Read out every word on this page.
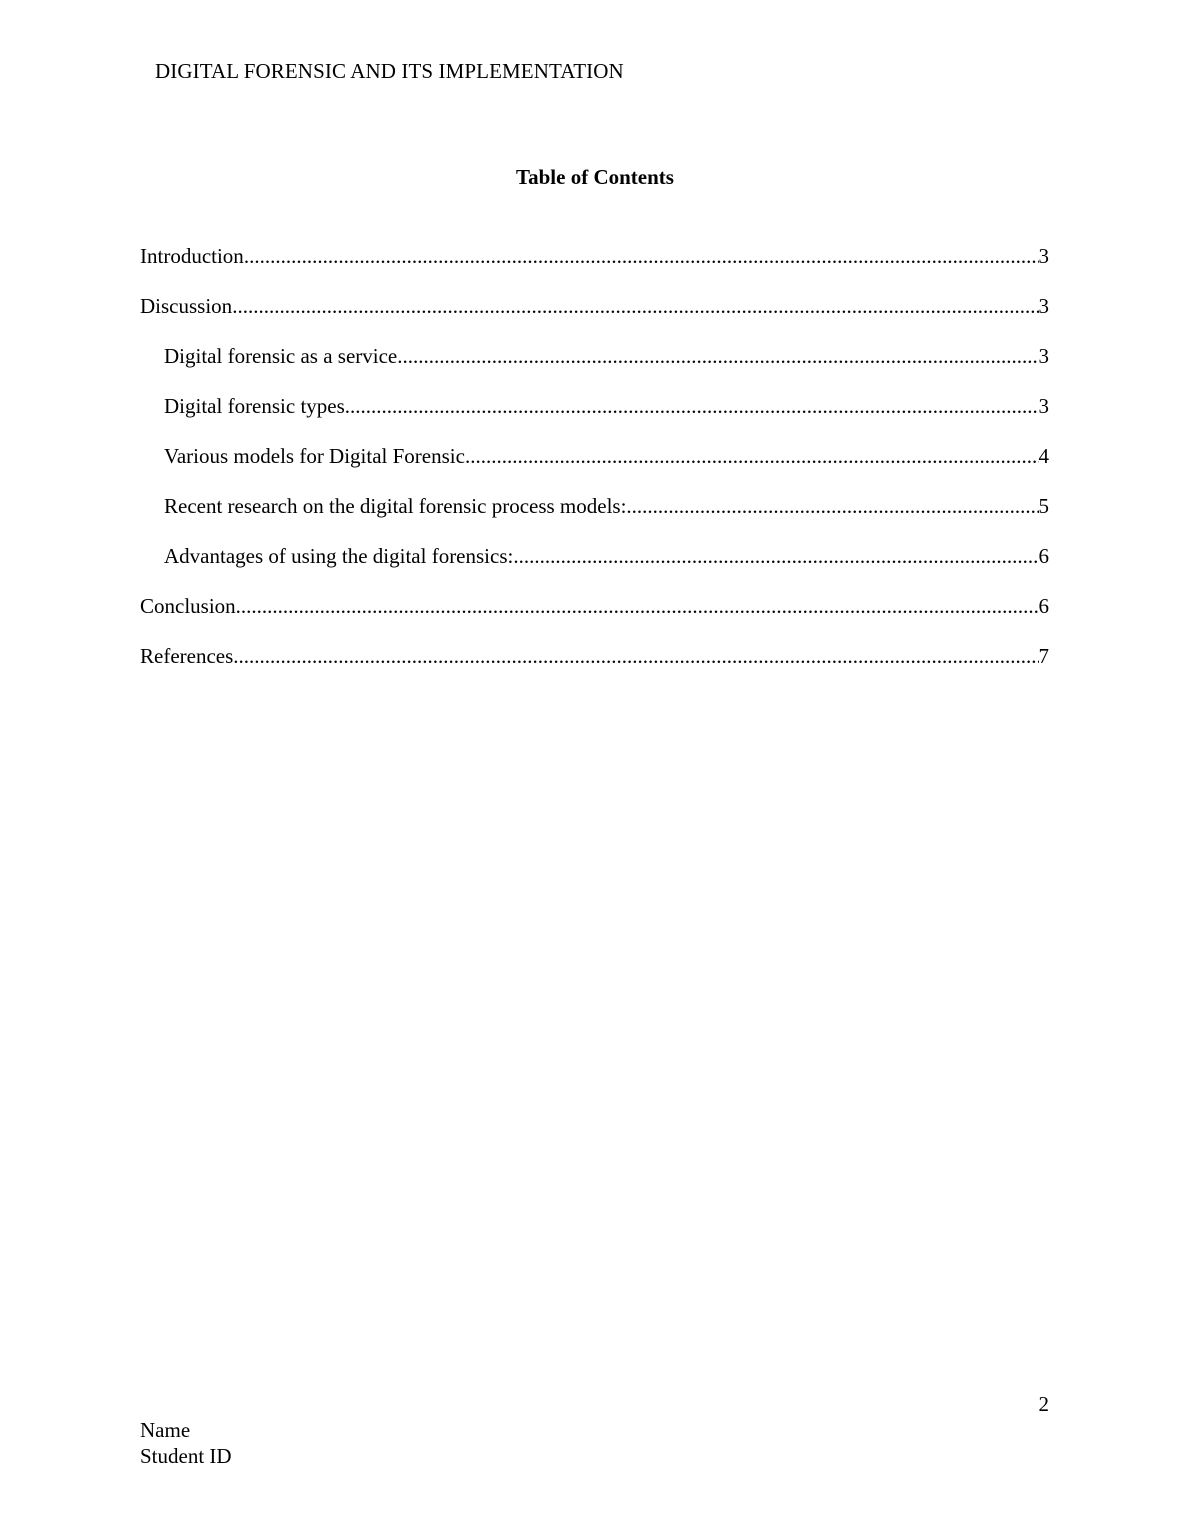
DIGITAL FORENSIC AND ITS IMPLEMENTATION
Table of Contents
Introduction .....	3
Discussion .....	3
Digital forensic as a service .....	3
Digital forensic types .....	3
Various models for Digital Forensic .....	4
Recent research on the digital forensic process models: .....	5
Advantages of using the digital forensics: .....	6
Conclusion .....	6
References .....	7
2
Name
Student ID
